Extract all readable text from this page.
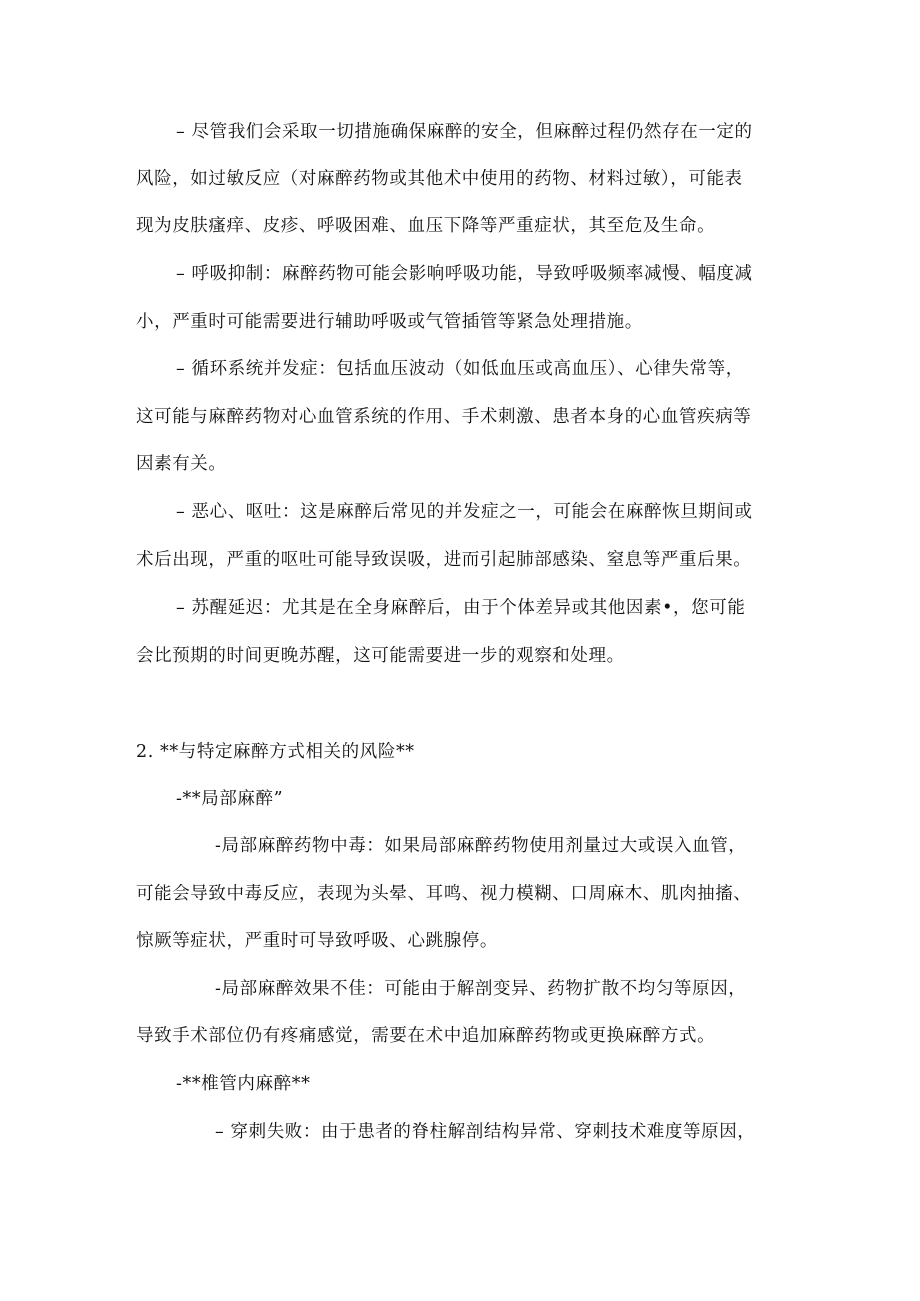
– 尽管我们会采取一切措施确保麻醉的安全，但麻醉过程仍然存在一定的
风险，如过敏反应（对麻醉药物或其他术中使用的药物、材料过敏），可能表
现为皮肤瘙痒、皮疹、呼吸困难、血压下降等严重症状，其至危及生命。
– 呼吸抑制：麻醉药物可能会影响呼吸功能，导致呼吸频率减慢、幅度减
小，严重时可能需要进行辅助呼吸或气管插管等紧急处理措施。
– 循环系统并发症：包括血压波动（如低血压或高血压）、心律失常等，
这可能与麻醉药物对心血管系统的作用、手术刺激、患者本身的心血管疾病等
因素有关。
– 恶心、呕吐：这是麻醉后常见的并发症之一，可能会在麻醉恢旦期间或
术后出现，严重的呕吐可能导致误吸，进而引起肺部感染、窒息等严重后果。
– 苏醒延迟：尤其是在全身麻醉后，由于个体差异或其他因素•，您可能
会比预期的时间更晚苏醒，这可能需要进一步的观察和处理。
2. **与特定麻醉方式相关的风险**
-**局部麻醉”
-局部麻醉药物中毒：如果局部麻醉药物使用剂量过大或误入血管，
可能会导致中毒反应，表现为头晕、耳鸣、视力模糊、口周麻木、肌肉抽搐、
惊厥等症状，严重时可导致呼吸、心跳腺停。
-局部麻醉效果不佳：可能由于解剖变异、药物扩散不均匀等原因，
导致手术部位仍有疼痛感觉，需要在术中追加麻醉药物或更换麻醉方式。
-**椎管内麻醉**
– 穿刺失败：由于患者的脊柱解剖结构异常、穿刺技术难度等原因，
